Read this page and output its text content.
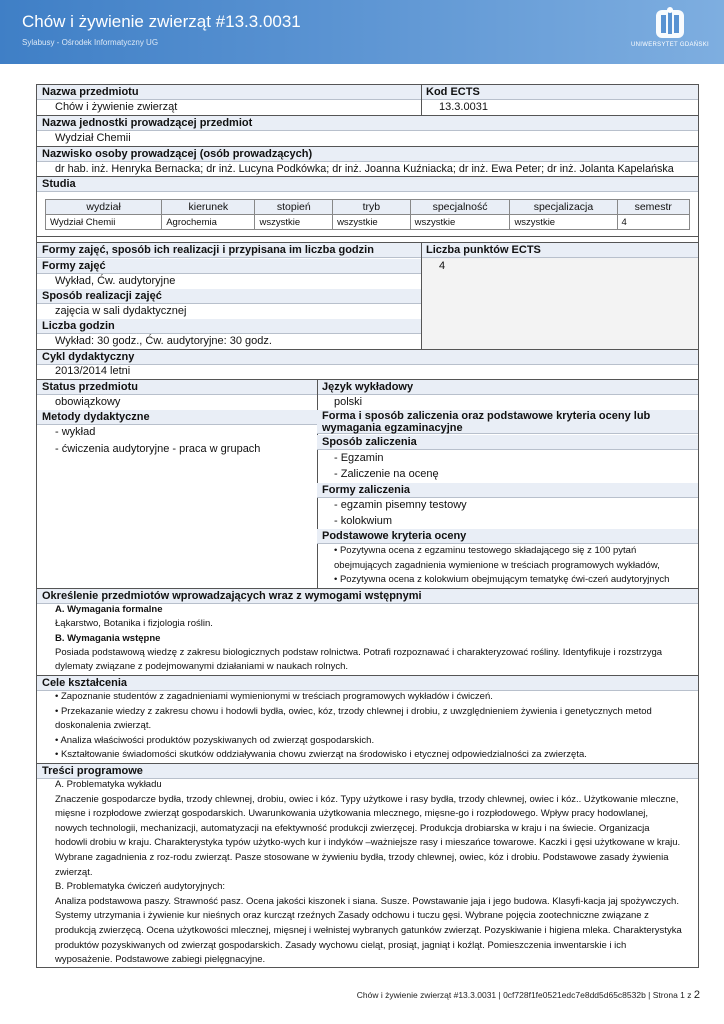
Chów i żywienie zwierząt #13.3.0031
Sylabusy - Ośrodek Informatyczny UG	UNIWERSYTET GDAŃSKI
Nazwa przedmiotu	Kod ECTS
Chów i żywienie zwierząt	13.3.0031
Nazwa jednostki prowadzącej przedmiot
Wydział Chemii
Nazwisko osoby prowadzącej (osób prowadzących)
dr hab. inż. Henryka Bernacka; dr inż. Lucyna Podkówka; dr inż. Joanna Kuźniacka; dr inż. Ewa Peter; dr inż. Jolanta Kapelańska
Studia
wydział	kierunek	stopień	tryb	specjalność	specjalizacja	semestr
Wydział Chemii	Agrochemia	wszystkie	wszystkie	wszystkie	wszystkie	4
Formy zajęć, sposób ich realizacji i przypisana im liczba godzin	Liczba punktów ECTS
4
Formy zajęć
Wykład, Ćw. audytoryjne
Sposób realizacji zajęć
zajęcia w sali dydaktycznej
Liczba godzin
Wykład: 30 godz., Ćw. audytoryjne: 30 godz.
Cykl dydaktyczny
2013/2014 letni
Status przedmiotu	Język wykładowy
obowiązkowy	polski
Metody dydaktyczne
- wykład
- ćwiczenia audytoryjne - praca w grupach
Forma i sposób zaliczenia oraz podstawowe kryteria oceny lub wymagania egzaminacyjne
Sposób zaliczenia
- Egzamin
- Zaliczenie na ocenę
Formy zaliczenia
- egzamin pisemny testowy
- kolokwium
Podstawowe kryteria oceny
• Pozytywna ocena z egzaminu testowego składającego się z 100 pytań
obejmujących zagadnienia wymienione w treściach programowych wykładów,
• Pozytywna ocena z kolokwium obejmującym tematykę ćwi-czeń audytoryjnych
Określenie przedmiotów wprowadzających wraz z wymogami wstępnymi
A. Wymagania formalne
Łąkarstwo, Botanika i fizjologia roślin.
B. Wymagania wstępne
Posiada podstawową wiedzę z zakresu biologicznych podstaw rolnictwa. Potrafi rozpoznawać i charakteryzować rośliny. Identyfikuje i rozstrzyga
dylematy związane z podejmowanymi działaniami w naukach rolnych.
Cele kształcenia
• Zapoznanie studentów z zagadnieniami wymienionymi w treściach programowych wykładów i ćwiczeń.
• Przekazanie wiedzy z zakresu chowu i hodowli bydła, owiec, kóz, trzody chlewnej i drobiu, z uwzględnieniem żywienia i genetycznych metod
doskonalenia zwierząt.
• Analiza właściwości produktów pozyskiwanych od zwierząt gospodarskich.
• Kształtowanie świadomości skutków oddziaływania chowu zwierząt na środowisko i etycznej odpowiedzialności za zwierzęta.
Treści programowe
A. Problematyka wykładu
Znaczenie gospodarcze bydła, trzody chlewnej, drobiu, owiec i kóz. Typy użytkowe i rasy bydła, trzody chlewnej, owiec i kóz.. Użytkowanie mleczne,
mięsne i rozpłodowe zwierząt gospodarskich. Uwarunkowania użytkowania mlecznego, mięsne-go i rozpłodowego. Wpływ pracy hodowlanej,
nowych technologii, mechanizacji, automatyzacji na efektywność produkcji zwierzęcej. Produkcja drobiarska w kraju i na świecie. Organizacja
hodowli drobiu w kraju. Charakterystyka typów użytko-wych kur i indyków –ważniejsze rasy i mieszańce towarowe. Kaczki i gęsi użytkowane w kraju.
Wybrane zagadnienia z roz-rodu zwierząt. Pasze stosowane w żywieniu bydła, trzody chlewnej, owiec, kóz i drobiu. Podstawowe zasady żywienia
zwierząt.
B. Problematyka ćwiczeń audytoryjnych:
Analiza podstawowa paszy. Strawność pasz. Ocena jakości kiszonek i siana. Susze. Powstawanie jaja i jego budowa. Klasyfi-kacja jaj spożywczych.
Systemy utrzymania i żywienie kur nieśnych oraz kurcząt rzeźnych Zasady odchowu i tuczu gęsi. Wybrane pojęcia zootechniczne związane z
produkcją zwierzęcą. Ocena użytkowości mlecznej, mięsnej i wełnistej wybranych gatunków zwierząt. Pozyskiwanie i higiena mleka. Charakterystyka
produktów pozyskiwanych od zwierząt gospodarskich. Zasady wychowu cieląt, prosiąt, jagniąt i koźląt. Pomieszczenia inwentarskie i ich
wyposażenie. Podstawowe zabiegi pielęgnacyjne.
Chów i żywienie zwierząt #13.3.0031 | 0cf728f1fe0521edc7e8dd5d65c8532b | Strona 1 z 2
